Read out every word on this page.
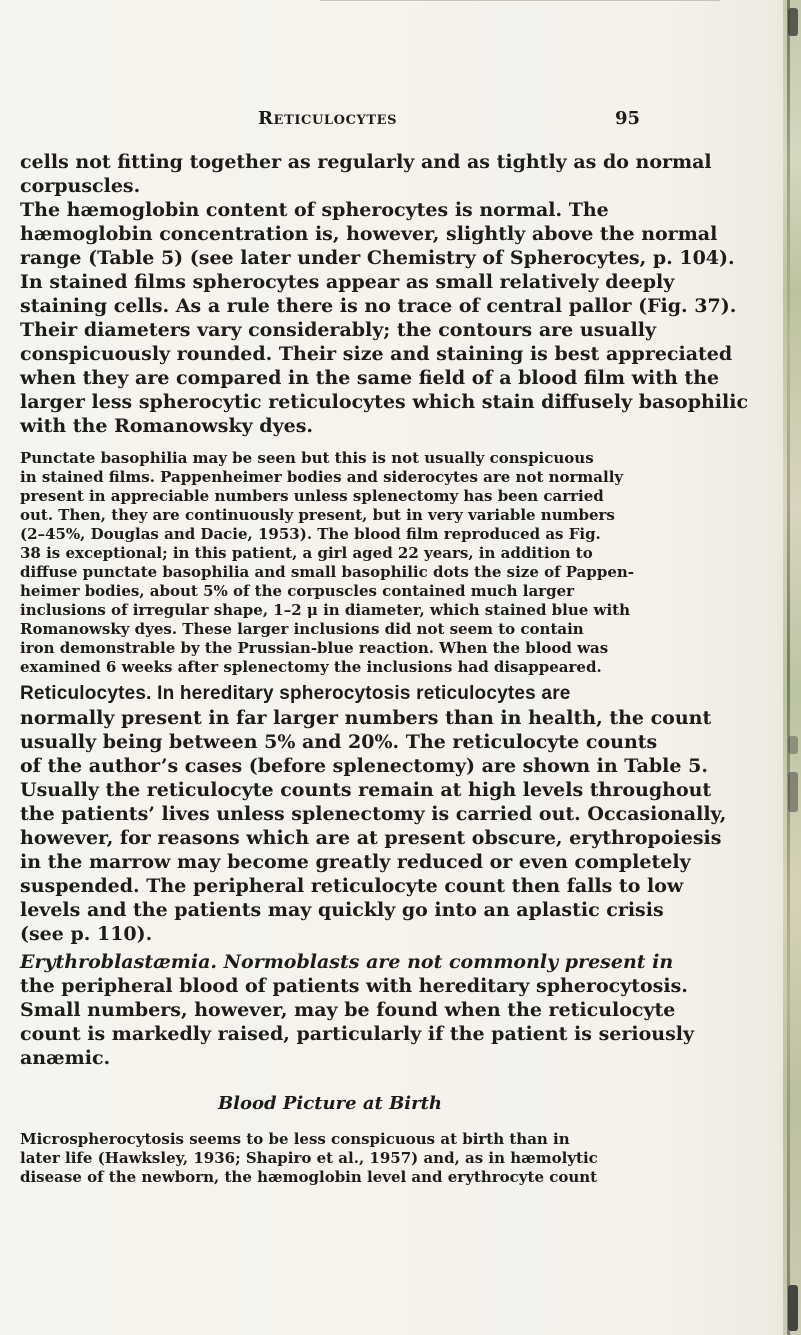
Reticulocytes	95
cells not fitting together as regularly and as tightly as do normal
corpuscles.
The hæmoglobin content of spherocytes is normal. The
hæmoglobin concentration is, however, slightly above the normal
range (Table 5) (see later under Chemistry of Spherocytes, p. 104).
In stained films spherocytes appear as small relatively deeply
staining cells. As a rule there is no trace of central pallor (Fig. 37).
Their diameters vary considerably; the contours are usually
conspicuously rounded. Their size and staining is best appreciated
when they are compared in the same field of a blood film with the
larger less spherocytic reticulocytes which stain diffusely basophilic
with the Romanowsky dyes.
Punctate basophilia may be seen but this is not usually conspicuous
in stained films. Pappenheimer bodies and siderocytes are not normally
present in appreciable numbers unless splenectomy has been carried
out. Then, they are continuously present, but in very variable numbers
(2–45%, Douglas and Dacie, 1953). The blood film reproduced as Fig.
38 is exceptional; in this patient, a girl aged 22 years, in addition to
diffuse punctate basophilia and small basophilic dots the size of Pappen-
heimer bodies, about 5% of the corpuscles contained much larger
inclusions of irregular shape, 1–2 μ in diameter, which stained blue with
Romanowsky dyes. These larger inclusions did not seem to contain
iron demonstrable by the Prussian-blue reaction. When the blood was
examined 6 weeks after splenectomy the inclusions had disappeared.
Reticulocytes. In hereditary spherocytosis reticulocytes are
normally present in far larger numbers than in health, the count
usually being between 5% and 20%. The reticulocyte counts
of the author’s cases (before splenectomy) are shown in Table 5.
Usually the reticulocyte counts remain at high levels throughout
the patients’ lives unless splenectomy is carried out. Occasionally,
however, for reasons which are at present obscure, erythropoiesis
in the marrow may become greatly reduced or even completely
suspended. The peripheral reticulocyte count then falls to low
levels and the patients may quickly go into an aplastic crisis
(see p. 110).
Erythroblastæmia. Normoblasts are not commonly present in
the peripheral blood of patients with hereditary spherocytosis.
Small numbers, however, may be found when the reticulocyte
count is markedly raised, particularly if the patient is seriously
anæmic.
Blood Picture at Birth
Microspherocytosis seems to be less conspicuous at birth than in
later life (Hawksley, 1936; Shapiro et al., 1957) and, as in hæmolytic
disease of the newborn, the hæmoglobin level and erythrocyte count
